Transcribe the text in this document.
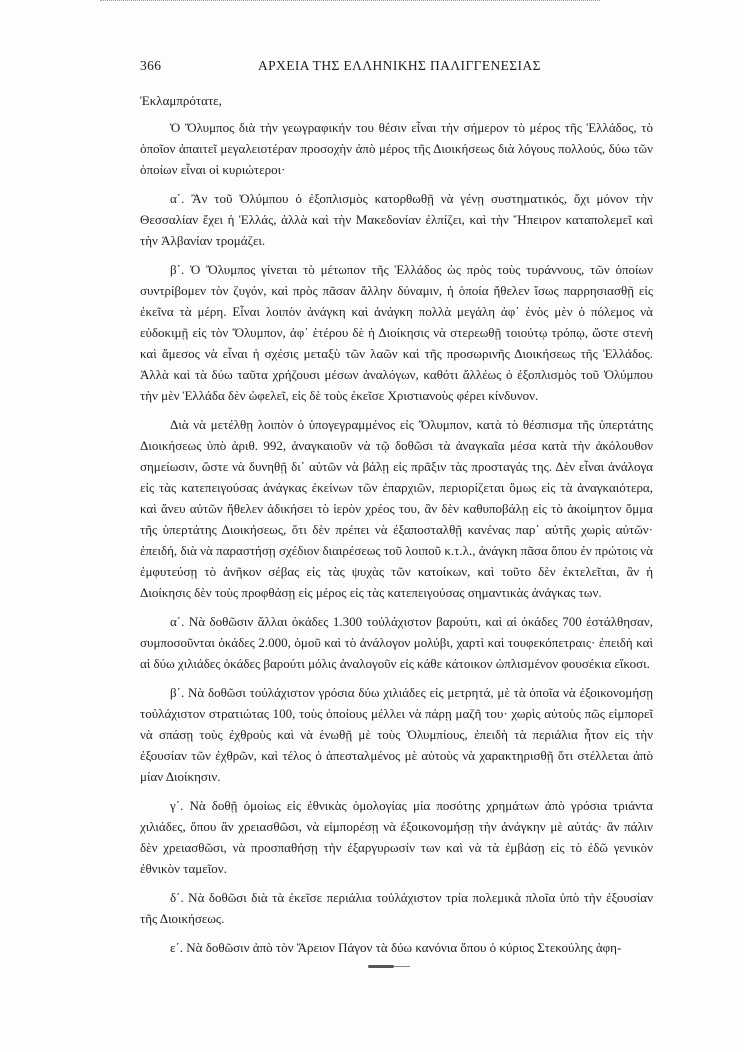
366	ΑΡΧΕΙΑ ΤΗΣ ΕΛΛΗΝΙΚΗΣ ΠΑΛΙΓΓΕΝΕΣΙΑΣ

Ἐκλαμπρότατε,

Ὁ Ὄλυμπος διὰ τὴν γεωγραφικήν του θέσιν εἶναι τὴν σήμερον τὸ μέρος τῆς Ἑλλάδος, τὸ ὁποῖον ἀπαιτεῖ μεγαλειοτέραν προσοχὴν ἀπὸ μέρος τῆς Διοικήσεως διὰ λόγους πολλούς, δύω τῶν ὁποίων εἶναι οἱ κυριώτεροι·

α΄. Ἂν τοῦ Ὀλύμπου ὁ ἐξοπλισμὸς κατορθωθῇ νὰ γένῃ συστηματικός, ὄχι μόνον τὴν Θεσσαλίαν ἔχει ἡ Ἑλλάς, ἀλλὰ καὶ τὴν Μακεδονίαν ἐλπίζει, καὶ τὴν Ἤπειρον καταπολεμεῖ καὶ τὴν Ἀλβανίαν τρομάζει.

β΄. Ὁ Ὄλυμπος γίνεται τὸ μέτωπον τῆς Ἑλλάδος ὡς πρὸς τοὺς τυράννους, τῶν ὁποίων συντρίβομεν τὸν ζυγόν, καὶ πρὸς πᾶσαν ἄλλην δύναμιν, ἡ ὁποία ἤθελεν ἴσως παρρησιασθῇ εἰς ἐκεῖνα τὰ μέρη. Εἶναι λοιπὸν ἀνάγκη καὶ ἀνάγκη πολλὰ μεγάλη ἀφ᾽ ἑνὸς μὲν ὁ πόλεμος νὰ εὐδοκιμῇ εἰς τὸν Ὄλυμπον, ἀφ᾽ ἑτέρου δὲ ἡ Διοίκησις νὰ στερεωθῇ τοιούτῳ τρόπῳ, ὥστε στενὴ καὶ ἄμεσος νὰ εἶναι ἡ σχέσις μεταξὺ τῶν λαῶν καὶ τῆς προσωρινῆς Διοικήσεως τῆς Ἑλλάδος. Ἀλλὰ καὶ τὰ δύω ταῦτα χρήζουσι μέσων ἀναλόγων, καθότι ἄλλέως ὁ ἐξοπλισμὸς τοῦ Ὀλύμπου τὴν μὲν Ἑλλάδα δὲν ὠφελεῖ, εἰς δὲ τοὺς ἐκεῖσε Χριστιανοὺς φέρει κίνδυνον.

Διὰ νὰ μετέλθῃ λοιπὸν ὁ ὑπογεγραμμένος εἰς Ὄλυμπον, κατὰ τὸ θέσπισμα τῆς ὑπερτάτης Διοικήσεως ὑπὸ ἀριθ. 992, ἀναγκαιοῦν νὰ τῷ δοθῶσι τὰ ἀναγκαῖα μέσα κατὰ τὴν ἀκόλουθον σημείωσιν, ὥστε νὰ δυνηθῇ δι᾽ αὐτῶν νὰ βάλῃ εἰς πρᾶξιν τὰς προσταγάς της. Δὲν εἶναι ἀνάλογα εἰς τὰς κατεπειγούσας ἀνάγκας ἐκείνων τῶν ἐπαρχιῶν, περιορίζεται ὅμως εἰς τὰ ἀναγκαιότερα, καὶ ἄνευ αὐτῶν ἤθελεν ἀδικήσει τὸ ἱερὸν χρέος του, ἂν δὲν καθυποβάλῃ εἰς τὸ ἀκοίμητον ὄμμα τῆς ὑπερτάτης Διοικήσεως, ὅτι δὲν πρέπει νὰ ἐξαποσταλθῇ κανένας παρ᾽ αὐτῆς χωρὶς αὐτῶν· ἐπειδή, διὰ νὰ παραστήσῃ σχέδιον διαιρέσεως τοῦ λοιποῦ κ.τ.λ., ἀνάγκη πᾶσα ὅπου ἐν πρώτοις νὰ ἐμφυτεύσῃ τὸ ἀνῆκον σέβας εἰς τὰς ψυχὰς τῶν κατοίκων, καὶ τοῦτο δὲν ἐκτελεῖται, ἂν ἡ Διοίκησις δὲν τοὺς προφθάσῃ εἰς μέρος εἰς τὰς κατεπειγούσας σημαντικὰς ἀνάγκας των.

α΄. Νὰ δοθῶσιν ἄλλαι ὀκάδες 1.300 τοὐλάχιστον βαρούτι, καὶ αἱ ὀκάδες 700 ἐστάλθησαν, συμποσοῦνται ὀκάδες 2.000, ὁμοῦ καὶ τὸ ἀνάλογον μολύβι, χαρτὶ καὶ τουφεκόπετραις· ἐπειδὴ καὶ αἱ δύω χιλιάδες ὀκάδες βαρούτι μόλις ἀναλογοῦν εἰς κάθε κάτοικον ὡπλισμένον φουσέκια εἴκοσι.

β΄. Νὰ δοθῶσι τοὐλάχιστον γρόσια δύω χιλιάδες εἰς μετρητά, μὲ τὰ ὁποῖα νὰ ἐξοικονομήσῃ τοὐλάχιστον στρατιώτας 100, τοὺς ὁποίους μέλλει νὰ πάρῃ μαζῆ του· χωρὶς αὐτοὺς πῶς εἰμπορεῖ νὰ σπάσῃ τοὺς ἐχθροὺς καὶ νὰ ἑνωθῇ μὲ τοὺς Ὀλυμπίους, ἐπειδὴ τὰ περιάλια ἦτον εἰς τὴν ἐξουσίαν τῶν ἐχθρῶν, καὶ τέλος ὁ ἀπεσταλμένος μὲ αὐτοὺς νὰ χαρακτηρισθῇ ὅτι στέλλεται ἀπὸ μίαν Διοίκησιν.

γ΄. Νὰ δοθῇ ὁμοίως εἰς ἐθνικὰς ὁμολογίας μία ποσότης χρημάτων ἀπὸ γρόσια τριάντα χιλιάδες, ὅπου ἂν χρειασθῶσι, νὰ εἰμπορέσῃ νὰ ἐξοικονομήσῃ τὴν ἀνάγκην μὲ αὐτάς· ἂν πάλιν δὲν χρειασθῶσι, νὰ προσπαθήσῃ τὴν ἐξαργυρωσίν των καὶ νὰ τὰ ἐμβάσῃ εἰς τὸ ἐδῶ γενικὸν ἐθνικὸν ταμεῖον.

δ΄. Νὰ δοθῶσι διὰ τὰ ἐκεῖσε περιάλια τοὐλάχιστον τρία πολεμικὰ πλοῖα ὑπὸ τὴν ἐξουσίαν τῆς Διοικήσεως.

ε΄. Νὰ δοθῶσιν ἀπὸ τὸν Ἄρειον Πάγον τὰ δύω κανόνια ὅπου ὁ κύριος Στεκούλης ἀφη-
